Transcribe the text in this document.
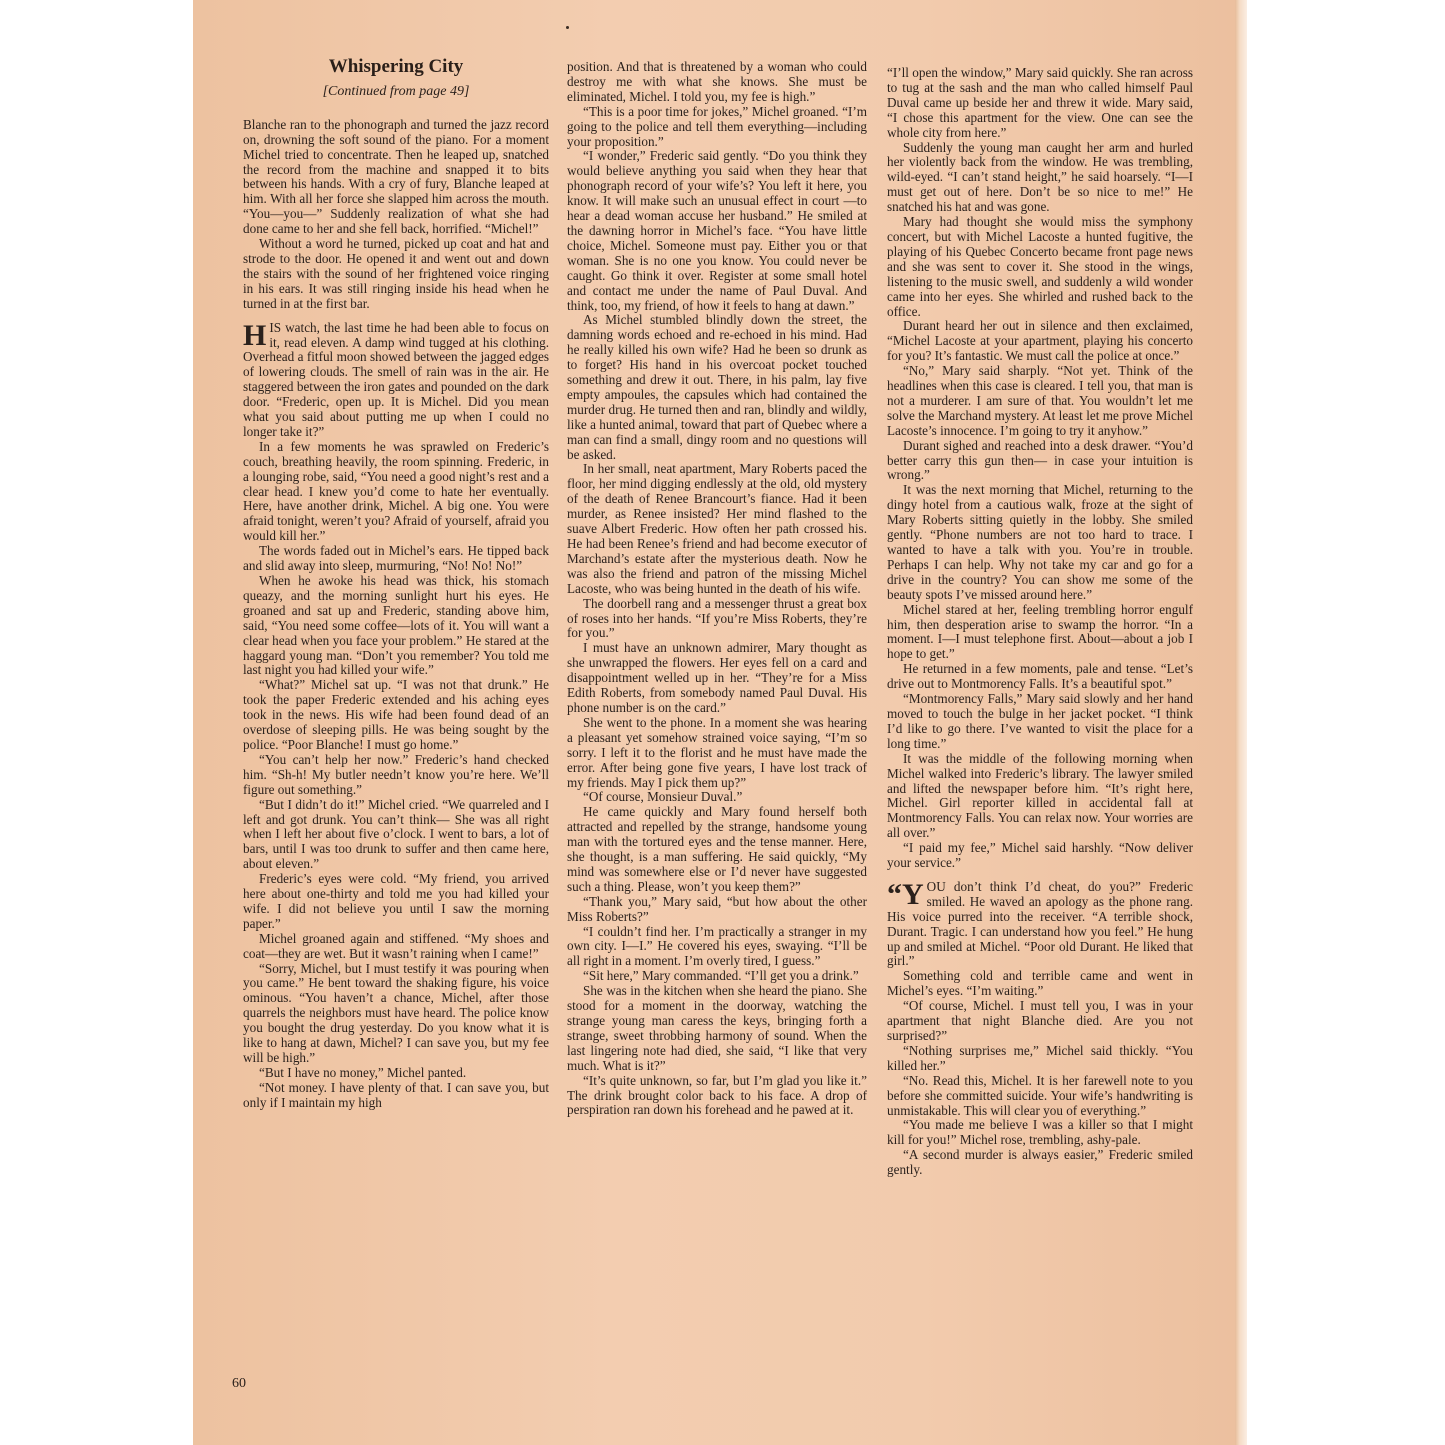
Whispering City
[Continued from page 49]

Blanche ran to the phonograph and turned the jazz record on, drowning the soft sound of the piano. For a moment Michel tried to concentrate. Then he leaped up, snatched the record from the machine and snapped it to bits between his hands. With a cry of fury, Blanche leaped at him. With all her force she slapped him across the mouth. “You—you—” Suddenly realization of what she had done came to her and she fell back, horrified. “Michel!”

Without a word he turned, picked up coat and hat and strode to the door. He opened it and went out and down the stairs with the sound of her frightened voice ringing in his ears. It was still ringing inside his head when he turned in at the first bar.

HIS watch, the last time he had been able to focus on it, read eleven. A damp wind tugged at his clothing. Overhead a fitful moon showed between the jagged edges of lowering clouds. The smell of rain was in the air. He staggered between the iron gates and pounded on the dark door. “Frederic, open up. It is Michel. Did you mean what you said about putting me up when I could no longer take it?”

In a few moments he was sprawled on Frederic’s couch, breathing heavily, the room spinning. Frederic, in a lounging robe, said, “You need a good night’s rest and a clear head. I knew you’d come to hate her eventually. Here, have another drink, Michel. A big one. You were afraid tonight, weren’t you? Afraid of yourself, afraid you would kill her.”

The words faded out in Michel’s ears. He tipped back and slid away into sleep, murmuring, “No! No! No!”

When he awoke his head was thick, his stomach queazy, and the morning sunlight hurt his eyes. He groaned and sat up and Frederic, standing above him, said, “You need some coffee—lots of it. You will want a clear head when you face your problem.” He stared at the haggard young man. “Don’t you remember? You told me last night you had killed your wife.”

“What?” Michel sat up. “I was not that drunk.” He took the paper Frederic extended and his aching eyes took in the news. His wife had been found dead of an overdose of sleeping pills. He was being sought by the police. “Poor Blanche! I must go home.”

“You can’t help her now.” Frederic’s hand checked him. “Sh-h! My butler needn’t know you’re here. We’ll figure out something.”

“But I didn’t do it!” Michel cried. “We quarreled and I left and got drunk. You can’t think— She was all right when I left her about five o’clock. I went to bars, a lot of bars, until I was too drunk to suffer and then came here, about eleven.”

Frederic’s eyes were cold. “My friend, you arrived here about one-thirty and told me you had killed your wife. I did not believe you until I saw the morning paper.”

Michel groaned again and stiffened. “My shoes and coat—they are wet. But it wasn’t raining when I came!”

“Sorry, Michel, but I must testify it was pouring when you came.” He bent toward the shaking figure, his voice ominous. “You haven’t a chance, Michel, after those quarrels the neighbors must have heard. The police know you bought the drug yesterday. Do you know what it is like to hang at dawn, Michel? I can save you, but my fee will be high.”

“But I have no money,” Michel panted.

“Not money. I have plenty of that. I can save you, but only if I maintain my high

position. And that is threatened by a woman who could destroy me with what she knows. She must be eliminated, Michel. I told you, my fee is high.”

“This is a poor time for jokes,” Michel groaned. “I’m going to the police and tell them everything—including your proposition.”

“I wonder,” Frederic said gently. “Do you think they would believe anything you said when they hear that phonograph record of your wife’s? You left it here, you know. It will make such an unusual effect in court —to hear a dead woman accuse her husband.” He smiled at the dawning horror in Michel’s face. “You have little choice, Michel. Someone must pay. Either you or that woman. She is no one you know. You could never be caught. Go think it over. Register at some small hotel and contact me under the name of Paul Duval. And think, too, my friend, of how it feels to hang at dawn.”

As Michel stumbled blindly down the street, the damning words echoed and re-echoed in his mind. Had he really killed his own wife? Had he been so drunk as to forget? His hand in his overcoat pocket touched something and drew it out. There, in his palm, lay five empty ampoules, the capsules which had contained the murder drug. He turned then and ran, blindly and wildly, like a hunted animal, toward that part of Quebec where a man can find a small, dingy room and no questions will be asked.

In her small, neat apartment, Mary Roberts paced the floor, her mind digging endlessly at the old, old mystery of the death of Renee Brancourt’s fiance. Had it been murder, as Renee insisted? Her mind flashed to the suave Albert Frederic. How often her path crossed his. He had been Renee’s friend and had become executor of Marchand’s estate after the mysterious death. Now he was also the friend and patron of the missing Michel Lacoste, who was being hunted in the death of his wife.

The doorbell rang and a messenger thrust a great box of roses into her hands. “If you’re Miss Roberts, they’re for you.”

I must have an unknown admirer, Mary thought as she unwrapped the flowers. Her eyes fell on a card and disappointment welled up in her. “They’re for a Miss Edith Roberts, from somebody named Paul Duval. His phone number is on the card.”

She went to the phone. In a moment she was hearing a pleasant yet somehow strained voice saying, “I’m so sorry. I left it to the florist and he must have made the error. After being gone five years, I have lost track of my friends. May I pick them up?”

“Of course, Monsieur Duval.”

He came quickly and Mary found herself both attracted and repelled by the strange, handsome young man with the tortured eyes and the tense manner. Here, she thought, is a man suffering. He said quickly, “My mind was somewhere else or I’d never have suggested such a thing. Please, won’t you keep them?”

“Thank you,” Mary said, “but how about the other Miss Roberts?”

“I couldn’t find her. I’m practically a stranger in my own city. I—I.” He covered his eyes, swaying. “I’ll be all right in a moment. I’m overly tired, I guess.”

“Sit here,” Mary commanded. “I’ll get you a drink.”

She was in the kitchen when she heard the piano. She stood for a moment in the doorway, watching the strange young man caress the keys, bringing forth a strange, sweet throbbing harmony of sound. When the last lingering note had died, she said, “I like that very much. What is it?”

“It’s quite unknown, so far, but I’m glad you like it.” The drink brought color back to his face. A drop of perspiration ran down his forehead and he pawed at it.

“I’ll open the window,” Mary said quickly. She ran across to tug at the sash and the man who called himself Paul Duval came up beside her and threw it wide. Mary said, “I chose this apartment for the view. One can see the whole city from here.”

Suddenly the young man caught her arm and hurled her violently back from the window. He was trembling, wild-eyed. “I can’t stand height,” he said hoarsely. “I—I must get out of here. Don’t be so nice to me!” He snatched his hat and was gone.

Mary had thought she would miss the symphony concert, but with Michel Lacoste a hunted fugitive, the playing of his Quebec Concerto became front page news and she was sent to cover it. She stood in the wings, listening to the music swell, and suddenly a wild wonder came into her eyes. She whirled and rushed back to the office.

Durant heard her out in silence and then exclaimed, “Michel Lacoste at your apartment, playing his concerto for you? It’s fantastic. We must call the police at once.”

“No,” Mary said sharply. “Not yet. Think of the headlines when this case is cleared. I tell you, that man is not a murderer. I am sure of that. You wouldn’t let me solve the Marchand mystery. At least let me prove Michel Lacoste’s innocence. I’m going to try it anyhow.”

Durant sighed and reached into a desk drawer. “You’d better carry this gun then— in case your intuition is wrong.”

It was the next morning that Michel, returning to the dingy hotel from a cautious walk, froze at the sight of Mary Roberts sitting quietly in the lobby. She smiled gently. “Phone numbers are not too hard to trace. I wanted to have a talk with you. You’re in trouble. Perhaps I can help. Why not take my car and go for a drive in the country? You can show me some of the beauty spots I’ve missed around here.”

Michel stared at her, feeling trembling horror engulf him, then desperation arise to swamp the horror. “In a moment. I—I must telephone first. About—about a job I hope to get.”

He returned in a few moments, pale and tense. “Let’s drive out to Montmorency Falls. It’s a beautiful spot.”

“Montmorency Falls,” Mary said slowly and her hand moved to touch the bulge in her jacket pocket. “I think I’d like to go there. I’ve wanted to visit the place for a long time.”

It was the middle of the following morning when Michel walked into Frederic’s library. The lawyer smiled and lifted the newspaper before him. “It’s right here, Michel. Girl reporter killed in accidental fall at Montmorency Falls. You can relax now. Your worries are all over.”

“I paid my fee,” Michel said harshly. “Now deliver your service.”

“YOU don’t think I’d cheat, do you?” Frederic smiled. He waved an apology as the phone rang. His voice purred into the receiver. “A terrible shock, Durant. Tragic. I can understand how you feel.” He hung up and smiled at Michel. “Poor old Durant. He liked that girl.”

Something cold and terrible came and went in Michel’s eyes. “I’m waiting.”

“Of course, Michel. I must tell you, I was in your apartment that night Blanche died. Are you not surprised?”

“Nothing surprises me,” Michel said thickly. “You killed her.”

“No. Read this, Michel. It is her farewell note to you before she committed suicide. Your wife’s handwriting is unmistakable. This will clear you of everything.”

“You made me believe I was a killer so that I might kill for you!” Michel rose, trembling, ashy-pale.

“A second murder is always easier,” Frederic smiled gently.

60
